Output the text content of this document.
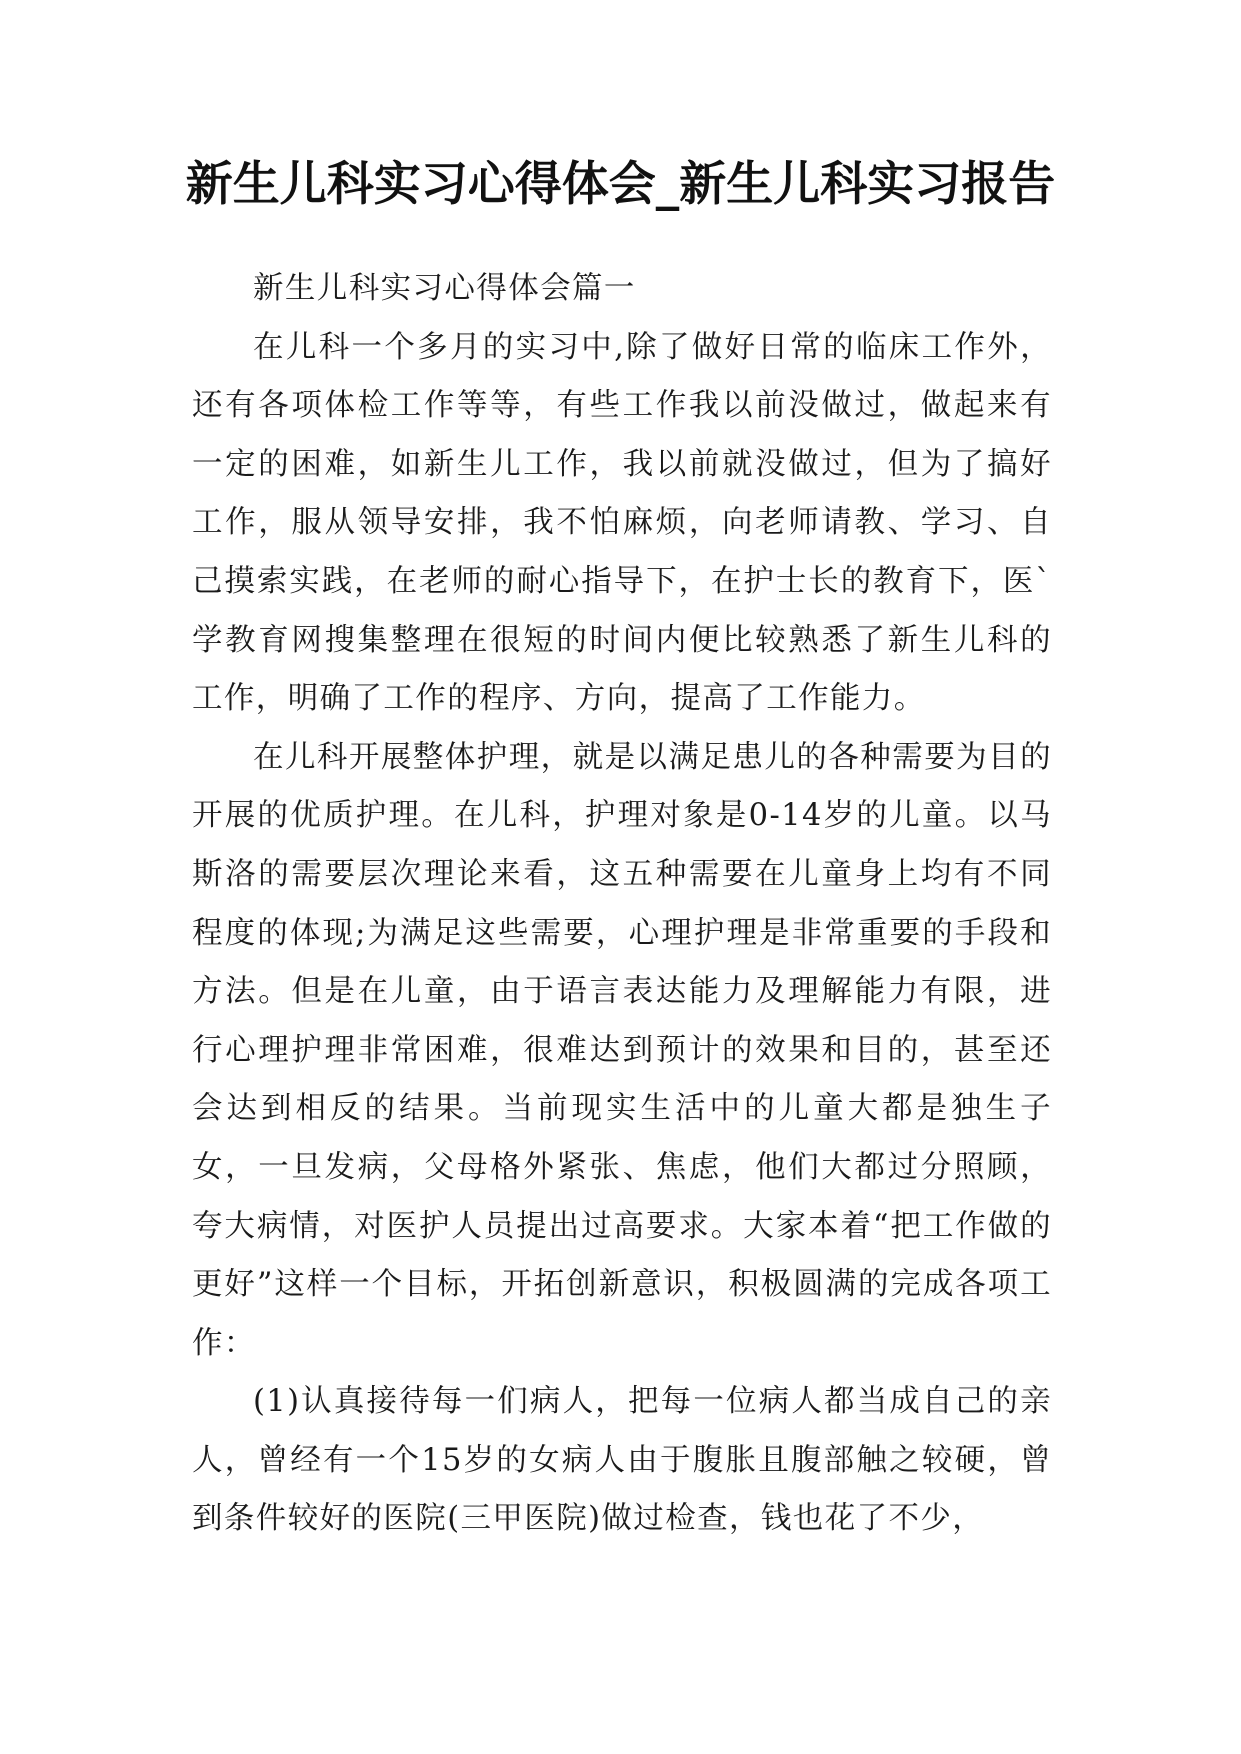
新生儿科实习心得体会_新生儿科实习报告

新生儿科实习心得体会篇一

在儿科一个多月的实习中,除了做好日常的临床工作外，还有各项体检工作等等，有些工作我以前没做过，做起来有一定的困难，如新生儿工作，我以前就没做过，但为了搞好工作，服从领导安排，我不怕麻烦，向老师请教、学习、自己摸索实践，在老师的耐心指导下，在护士长的教育下，医`学教育网搜集整理在很短的时间内便比较熟悉了新生儿科的工作，明确了工作的程序、方向，提高了工作能力。

在儿科开展整体护理，就是以满足患儿的各种需要为目的开展的优质护理。在儿科，护理对象是0-14岁的儿童。以马斯洛的需要层次理论来看，这五种需要在儿童身上均有不同程度的体现;为满足这些需要，心理护理是非常重要的手段和方法。但是在儿童，由于语言表达能力及理解能力有限，进行心理护理非常困难，很难达到预计的效果和目的，甚至还会达到相反的结果。当前现实生活中的儿童大都是独生子女，一旦发病，父母格外紧张、焦虑，他们大都过分照顾，夸大病情，对医护人员提出过高要求。大家本着“把工作做的更好”这样一个目标，开拓创新意识，积极圆满的完成各项工作：

(1)认真接待每一们病人，把每一位病人都当成自己的亲人，曾经有一个15岁的女病人由于腹胀且腹部触之较硬，曾到条件较好的医院(三甲医院)做过检查，钱也花了不少，
